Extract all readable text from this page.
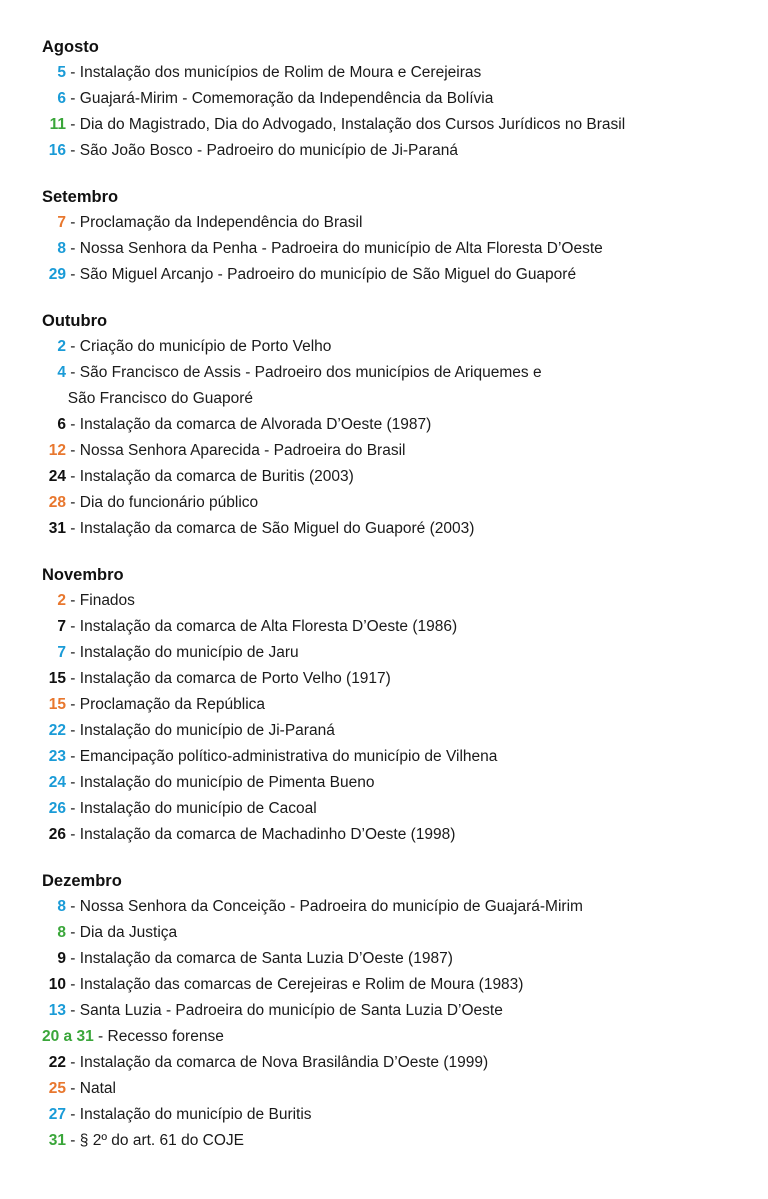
Agosto
5 - Instalação dos municípios de Rolim de Moura e Cerejeiras
6 - Guajará-Mirim - Comemoração da Independência da Bolívia
11 - Dia do Magistrado, Dia do Advogado, Instalação dos Cursos Jurídicos no Brasil
16 - São João Bosco - Padroeiro do município de Ji-Paraná
Setembro
7 - Proclamação da Independência do Brasil
8 - Nossa Senhora da Penha - Padroeira do município de Alta Floresta D’Oeste
29 - São Miguel Arcanjo - Padroeiro do município de São Miguel do Guaporé
Outubro
2 - Criação do município de Porto Velho
4 - São Francisco de Assis - Padroeiro dos municípios de Ariquemes e
São Francisco do Guaporé
6 - Instalação da comarca de Alvorada D’Oeste (1987)
12 - Nossa Senhora Aparecida - Padroeira do Brasil
24 - Instalação da comarca de Buritis (2003)
28 - Dia do funcionário público
31 - Instalação da comarca de São Miguel do Guaporé (2003)
Novembro
2 - Finados
7 - Instalação da comarca de Alta Floresta D’Oeste (1986)
7 - Instalação do município de Jaru
15 - Instalação da comarca de Porto Velho (1917)
15 - Proclamação da República
22 - Instalação do município de Ji-Paraná
23 - Emancipação político-administrativa do município de Vilhena
24 - Instalação do município de Pimenta Bueno
26 - Instalação do município de Cacoal
26 - Instalação da comarca de Machadinho D’Oeste (1998)
Dezembro
8 - Nossa Senhora da Conceição - Padroeira do município de Guajará-Mirim
8 - Dia da Justiça
9 - Instalação da comarca de Santa Luzia D’Oeste (1987)
10 - Instalação das comarcas de Cerejeiras e Rolim de Moura (1983)
13 - Santa Luzia - Padroeira do município de Santa Luzia D’Oeste
20 a 31 - Recesso forense
22 - Instalação da comarca de Nova Brasilândia D’Oeste (1999)
25 - Natal
27 - Instalação do município de Buritis
31 - § 2º do art. 61 do COJE
